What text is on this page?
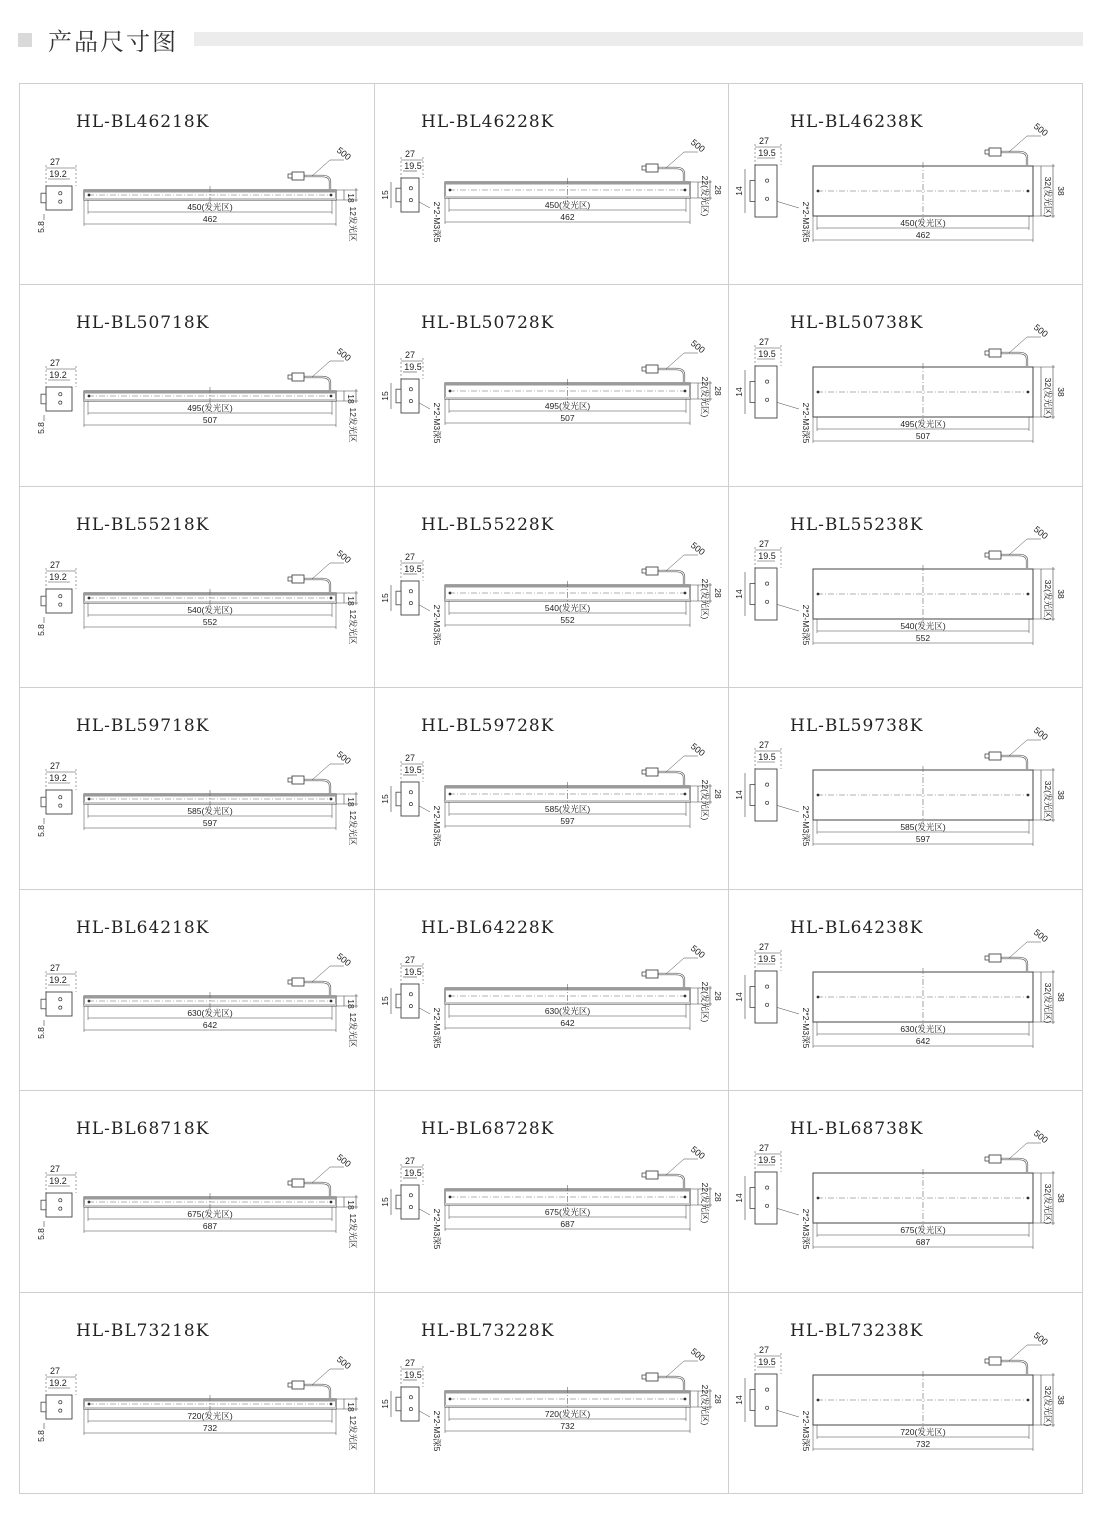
产品尺寸图
HL-BL46218K
27
19.2
5.8
500
450(发光区)
462
18
12发光区
HL-BL46228K
27
19.5
15
2*2-M3深5
500
450(发光区)
462
28
22(发光区)
HL-BL46238K
27
19.5
14
2*2-M3深5
500
450(发光区)
462
38
32(发光区)
HL-BL50718K
27
19.2
5.8
500
495(发光区)
507
18
12发光区
HL-BL50728K
27
19.5
15
2*2-M3深5
500
495(发光区)
507
28
22(发光区)
HL-BL50738K
27
19.5
14
2*2-M3深5
500
495(发光区)
507
38
32(发光区)
HL-BL55218K
27
19.2
5.8
500
540(发光区)
552
18
12发光区
HL-BL55228K
27
19.5
15
2*2-M3深5
500
540(发光区)
552
28
22(发光区)
HL-BL55238K
27
19.5
14
2*2-M3深5
500
540(发光区)
552
38
32(发光区)
HL-BL59718K
27
19.2
5.8
500
585(发光区)
597
18
12发光区
HL-BL59728K
27
19.5
15
2*2-M3深5
500
585(发光区)
597
28
22(发光区)
HL-BL59738K
27
19.5
14
2*2-M3深5
500
585(发光区)
597
38
32(发光区)
HL-BL64218K
27
19.2
5.8
500
630(发光区)
642
18
12发光区
HL-BL64228K
27
19.5
15
2*2-M3深5
500
630(发光区)
642
28
22(发光区)
HL-BL64238K
27
19.5
14
2*2-M3深5
500
630(发光区)
642
38
32(发光区)
HL-BL68718K
27
19.2
5.8
500
675(发光区)
687
18
12发光区
HL-BL68728K
27
19.5
15
2*2-M3深5
500
675(发光区)
687
28
22(发光区)
HL-BL68738K
27
19.5
14
2*2-M3深5
500
675(发光区)
687
38
32(发光区)
HL-BL73218K
27
19.2
5.8
500
720(发光区)
732
18
12发光区
HL-BL73228K
27
19.5
15
2*2-M3深5
500
720(发光区)
732
28
22(发光区)
HL-BL73238K
27
19.5
14
2*2-M3深5
500
720(发光区)
732
38
32(发光区)
